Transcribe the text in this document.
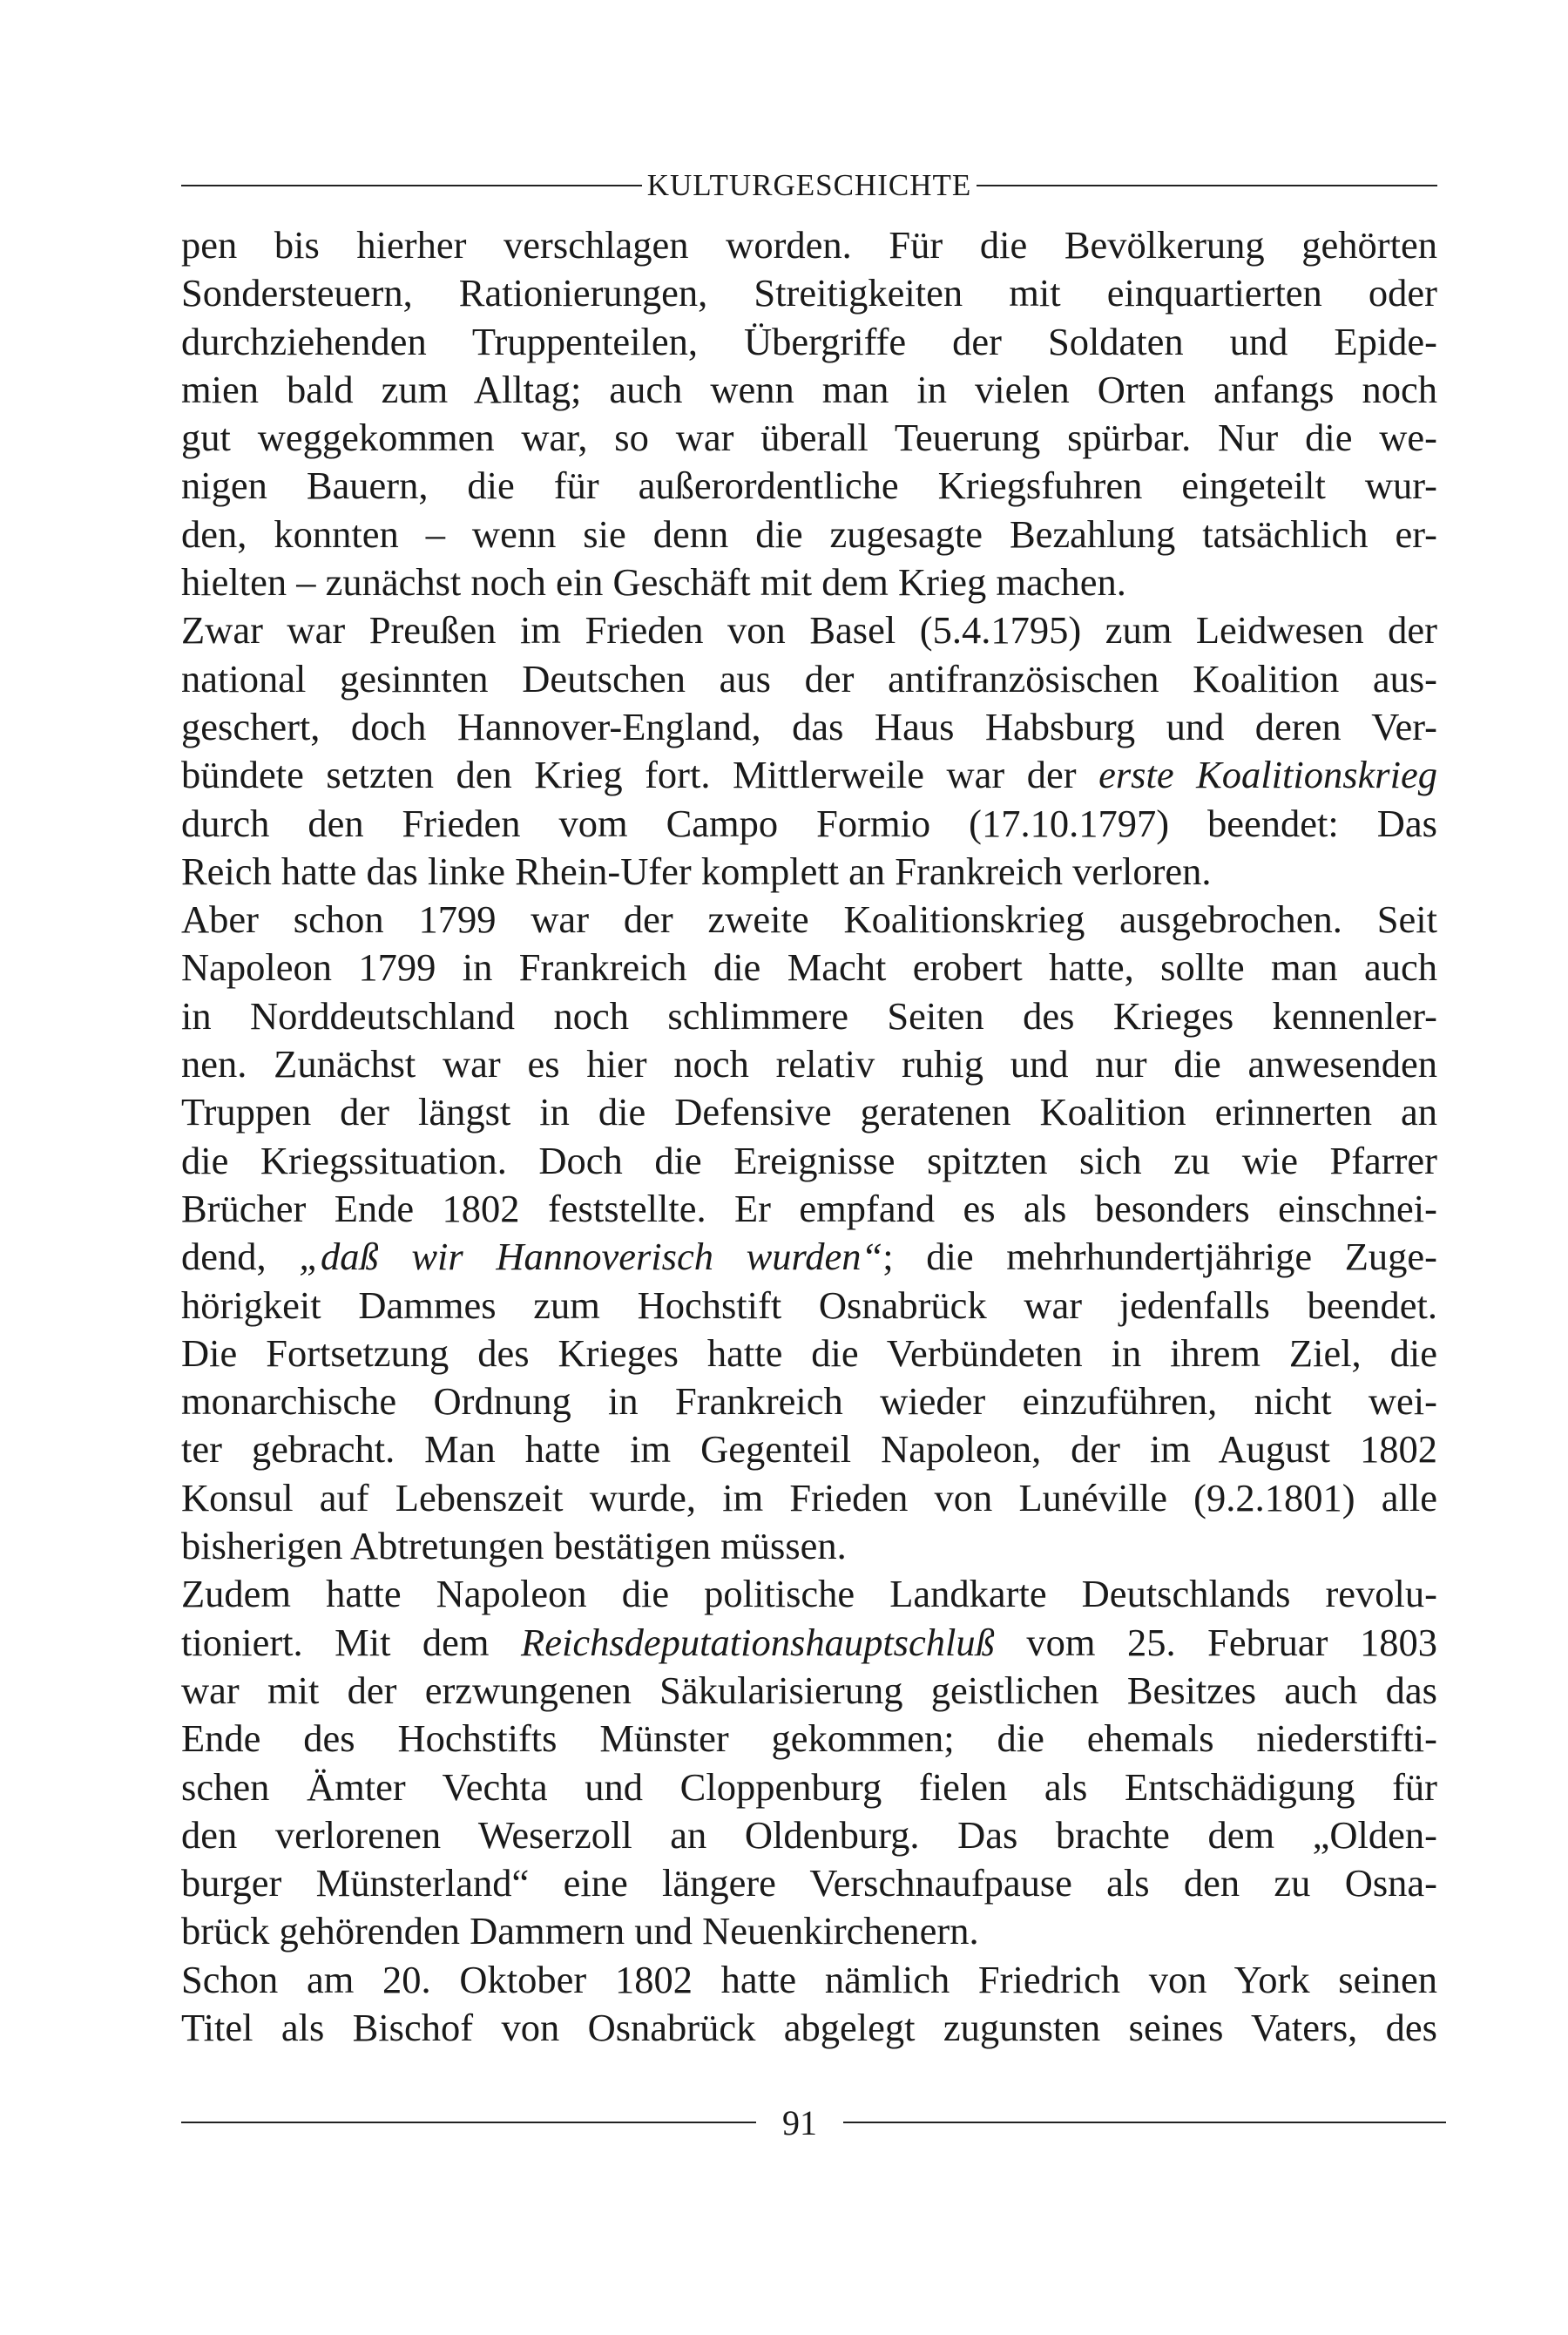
KULTURGESCHICHTE
pen bis hierher verschlagen worden. Für die Bevölkerung gehörten
Sondersteuern, Rationierungen, Streitigkeiten mit einquartierten oder
durchziehenden Truppenteilen, Übergriffe der Soldaten und Epide-
mien bald zum Alltag; auch wenn man in vielen Orten anfangs noch
gut weggekommen war, so war überall Teuerung spürbar. Nur die we-
nigen Bauern, die für außerordentliche Kriegsfuhren eingeteilt wur-
den, konnten – wenn sie denn die zugesagte Bezahlung tatsächlich er-
hielten – zunächst noch ein Geschäft mit dem Krieg machen.
Zwar war Preußen im Frieden von Basel (5.4.1795) zum Leidwesen der
national gesinnten Deutschen aus der antifranzösischen Koalition aus-
geschert, doch Hannover-England, das Haus Habsburg und deren Ver-
bündete setzten den Krieg fort. Mittlerweile war der erste Koalitionskrieg
durch den Frieden vom Campo Formio (17.10.1797) beendet: Das
Reich hatte das linke Rhein-Ufer komplett an Frankreich verloren.
Aber schon 1799 war der zweite Koalitionskrieg ausgebrochen. Seit
Napoleon 1799 in Frankreich die Macht erobert hatte, sollte man auch
in Norddeutschland noch schlimmere Seiten des Krieges kennenler-
nen. Zunächst war es hier noch relativ ruhig und nur die anwesenden
Truppen der längst in die Defensive geratenen Koalition erinnerten an
die Kriegssituation. Doch die Ereignisse spitzten sich zu wie Pfarrer
Brücher Ende 1802 feststellte. Er empfand es als besonders einschnei-
dend, „daß wir Hannoverisch wurden“; die mehrhundertjährige Zuge-
hörigkeit Dammes zum Hochstift Osnabrück war jedenfalls beendet.
Die Fortsetzung des Krieges hatte die Verbündeten in ihrem Ziel, die
monarchische Ordnung in Frankreich wieder einzuführen, nicht wei-
ter gebracht. Man hatte im Gegenteil Napoleon, der im August 1802
Konsul auf Lebenszeit wurde, im Frieden von Lunéville (9.2.1801) alle
bisherigen Abtretungen bestätigen müssen.
Zudem hatte Napoleon die politische Landkarte Deutschlands revolu-
tioniert. Mit dem Reichsdeputationshauptschluß vom 25. Februar 1803
war mit der erzwungenen Säkularisierung geistlichen Besitzes auch das
Ende des Hochstifts Münster gekommen; die ehemals niederstifti-
schen Ämter Vechta und Cloppenburg fielen als Entschädigung für
den verlorenen Weserzoll an Oldenburg. Das brachte dem „Olden-
burger Münsterland“ eine längere Verschnaufpause als den zu Osna-
brück gehörenden Dammern und Neuenkirchenern.
Schon am 20. Oktober 1802 hatte nämlich Friedrich von York seinen
Titel als Bischof von Osnabrück abgelegt zugunsten seines Vaters, des
91
